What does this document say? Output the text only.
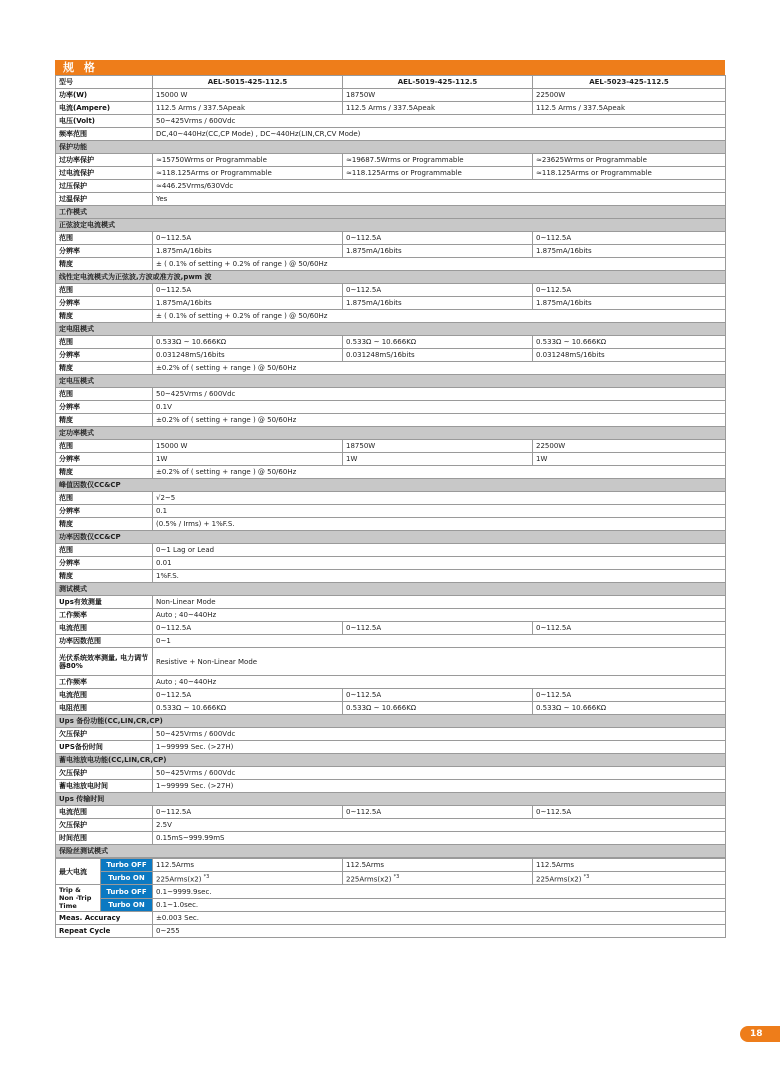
规 格
型号	AEL-5015-425-112.5	AEL-5019-425-112.5	AEL-5023-425-112.5
功率(W)	15000 W	18750W	22500W
电流(Ampere)	112.5 Arms / 337.5Apeak	112.5 Arms / 337.5Apeak	112.5 Arms / 337.5Apeak
电压(Volt)	50~425Vrms / 600Vdc		
频率范围	DC,40~440Hz(CC,CP Mode) , DC~440Hz(LIN,CR,CV Mode)		
保护功能			
过功率保护	≈15750Wrms or Programmable	≈19687.5Wrms or Programmable	≈23625Wrms or Programmable
过电流保护	≈118.125Arms or Programmable	≈118.125Arms or Programmable	≈118.125Arms or Programmable
过压保护	≈446.25Vrms/630Vdc		
过温保护	Yes		
工作模式			
正弦波定电流模式			
范围	0~112.5A	0~112.5A	0~112.5A
分辨率	1.875mA/16bits	1.875mA/16bits	1.875mA/16bits
精度	± ( 0.1% of setting + 0.2% of range ) @ 50/60Hz		
线性定电流模式为正弦波,方波或准方波,pwm 波			
范围	0~112.5A	0~112.5A	0~112.5A
分辨率	1.875mA/16bits	1.875mA/16bits	1.875mA/16bits
精度	± ( 0.1% of setting + 0.2% of range ) @ 50/60Hz		
定电阻模式			
范围	0.533Ω ~ 10.666KΩ	0.533Ω ~ 10.666KΩ	0.533Ω ~ 10.666KΩ
分辨率	0.031248mS/16bits	0.031248mS/16bits	0.031248mS/16bits
精度	±0.2% of ( setting + range ) @ 50/60Hz		
定电压模式			
范围	50~425Vrms / 600Vdc		
分辨率	0.1V		
精度	±0.2% of ( setting + range ) @ 50/60Hz		
定功率模式			
范围	15000 W	18750W	22500W
分辨率	1W	1W	1W
精度	±0.2% of ( setting + range ) @ 50/60Hz		
峰值因数仅CC&CP			
范围	√2~5		
分辨率	0.1		
精度	(0.5% / Irms) + 1%F.S.		
功率因数仅CC&CP			
范围	0~1 Lag or Lead		
分辨率	0.01		
精度	1%F.S.		
测试模式			
Ups有效测量	Non-Linear Mode		
工作频率	Auto ; 40~440Hz		
电流范围	0~112.5A	0~112.5A	0~112.5A
功率因数范围	0~1		
光伏系统效率测量, 电力调节器80%	Resistive + Non-Linear Mode		
工作频率	Auto ; 40~440Hz		
电流范围	0~112.5A	0~112.5A	0~112.5A
电阻范围	0.533Ω ~ 10.666KΩ	0.533Ω ~ 10.666KΩ	0.533Ω ~ 10.666KΩ
Ups 备份功能(CC,LIN,CR,CP)			
欠压保护	50~425Vrms / 600Vdc		
UPS备份时间	1~99999 Sec. (>27H)		
蓄电池放电功能(CC,LIN,CR,CP)			
欠压保护	50~425Vrms / 600Vdc		
蓄电池放电时间	1~99999 Sec. (>27H)		
Ups 传输时间			
电流范围	0~112.5A	0~112.5A	0~112.5A
欠压保护	2.5V		
时间范围	0.15mS~999.99mS		
保险丝测试模式			
最大电流	Turbo OFF	112.5Arms	112.5Arms	112.5Arms
	Turbo ON	225Arms(x2) $^{*3}$	225Arms(x2) $^{*3}$	225Arms(x2) $^{*3}$
Trip & Non -Trip Time	Turbo OFF	0.1~9999.9sec.		
	Turbo ON	0.1~1.0sec.		
Meas. Accuracy		±0.003 Sec.		
Repeat Cycle		0~255		
18
